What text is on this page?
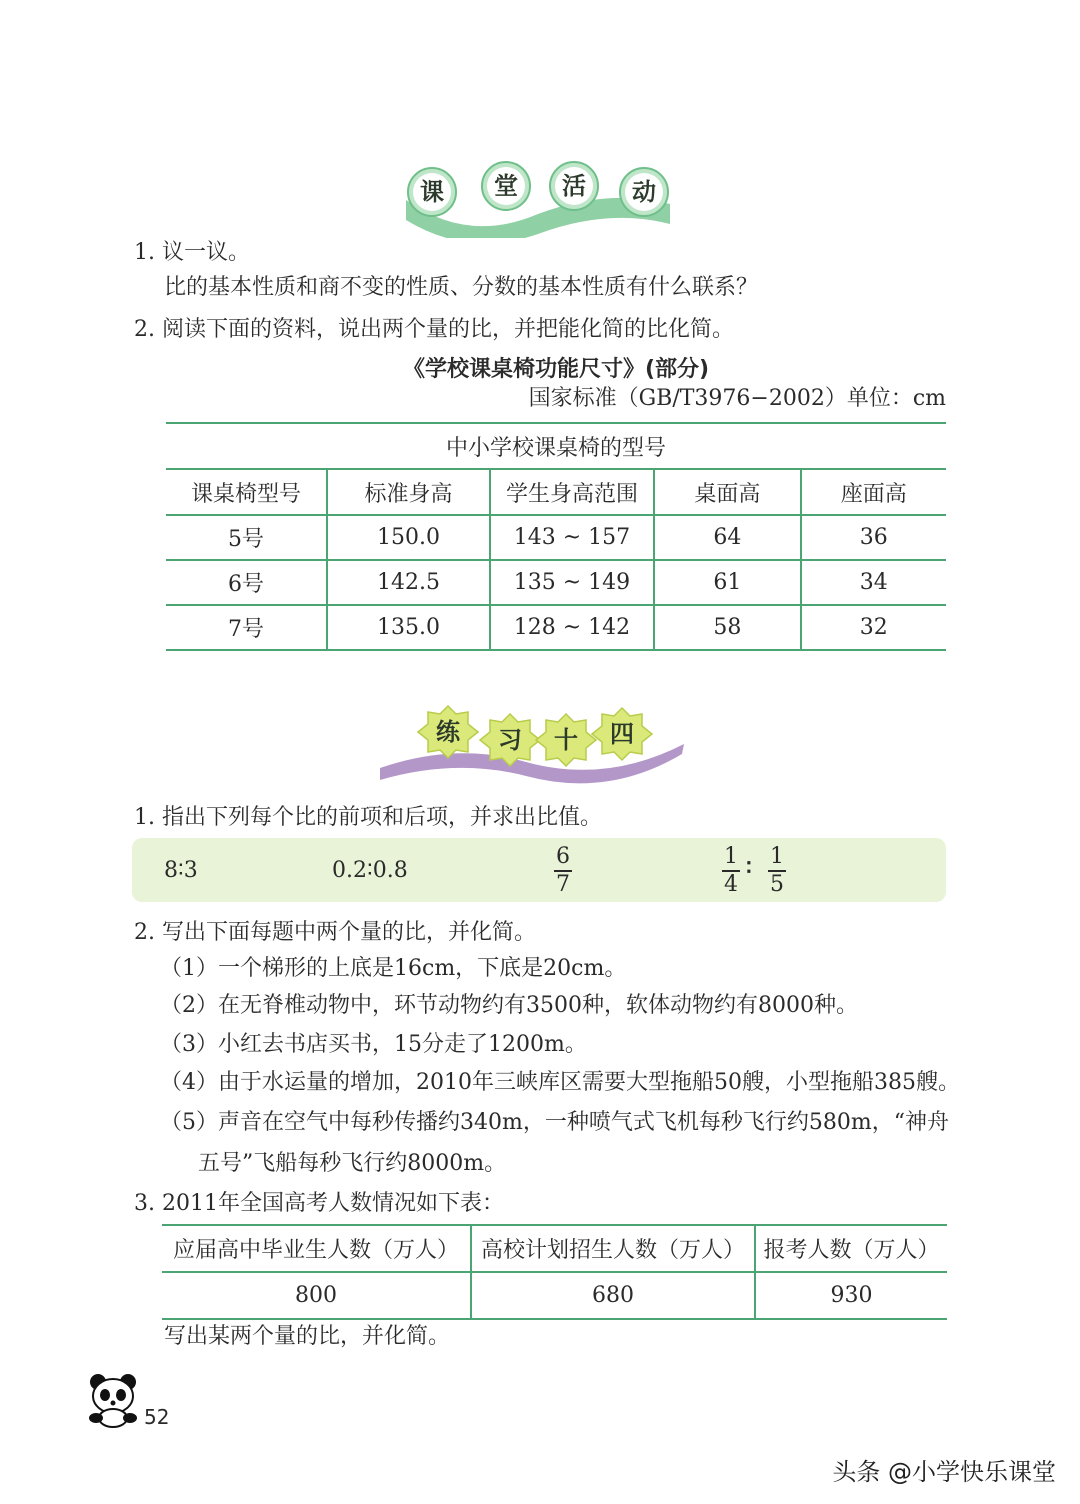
课	堂	活	动
1. 议一议。
比的基本性质和商不变的性质、分数的基本性质有什么联系？
2. 阅读下面的资料，说出两个量的比，并把能化简的比化简。
《学校课桌椅功能尺寸》(部分)
国家标准（GB/T3976−2002）单位：cm
中小学校课桌椅的型号				
课桌椅型号	标准身高	学生身高范围	桌面高	座面高
5号	150.0	143 ~ 157	64	36
6号	142.5	135 ~ 149	61	34
7号	135.0	128 ~ 142	58	32
练	习	十	四
1. 指出下列每个比的前项和后项，并求出比值。
8∶3	0.2∶0.8
6
7
1
4
∶ 1
5
2. 写出下面每题中两个量的比，并化简。
（1）一个梯形的上底是16cm，下底是20cm。
（2）在无脊椎动物中，环节动物约有3500种，软体动物约有8000种。
（3）小红去书店买书，15分走了1200m。
（4）由于水运量的增加，2010年三峡库区需要大型拖船50艘，小型拖船385艘。
（5）声音在空气中每秒传播约340m，一种喷气式飞机每秒飞行约580m，“神舟
五号”飞船每秒飞行约8000m。
3. 2011年全国高考人数情况如下表：
应届高中毕业生人数（万人）	高校计划招生人数（万人）	报考人数（万人）
800	680	930
写出某两个量的比，并化简。
52
头条 @小学快乐课堂
